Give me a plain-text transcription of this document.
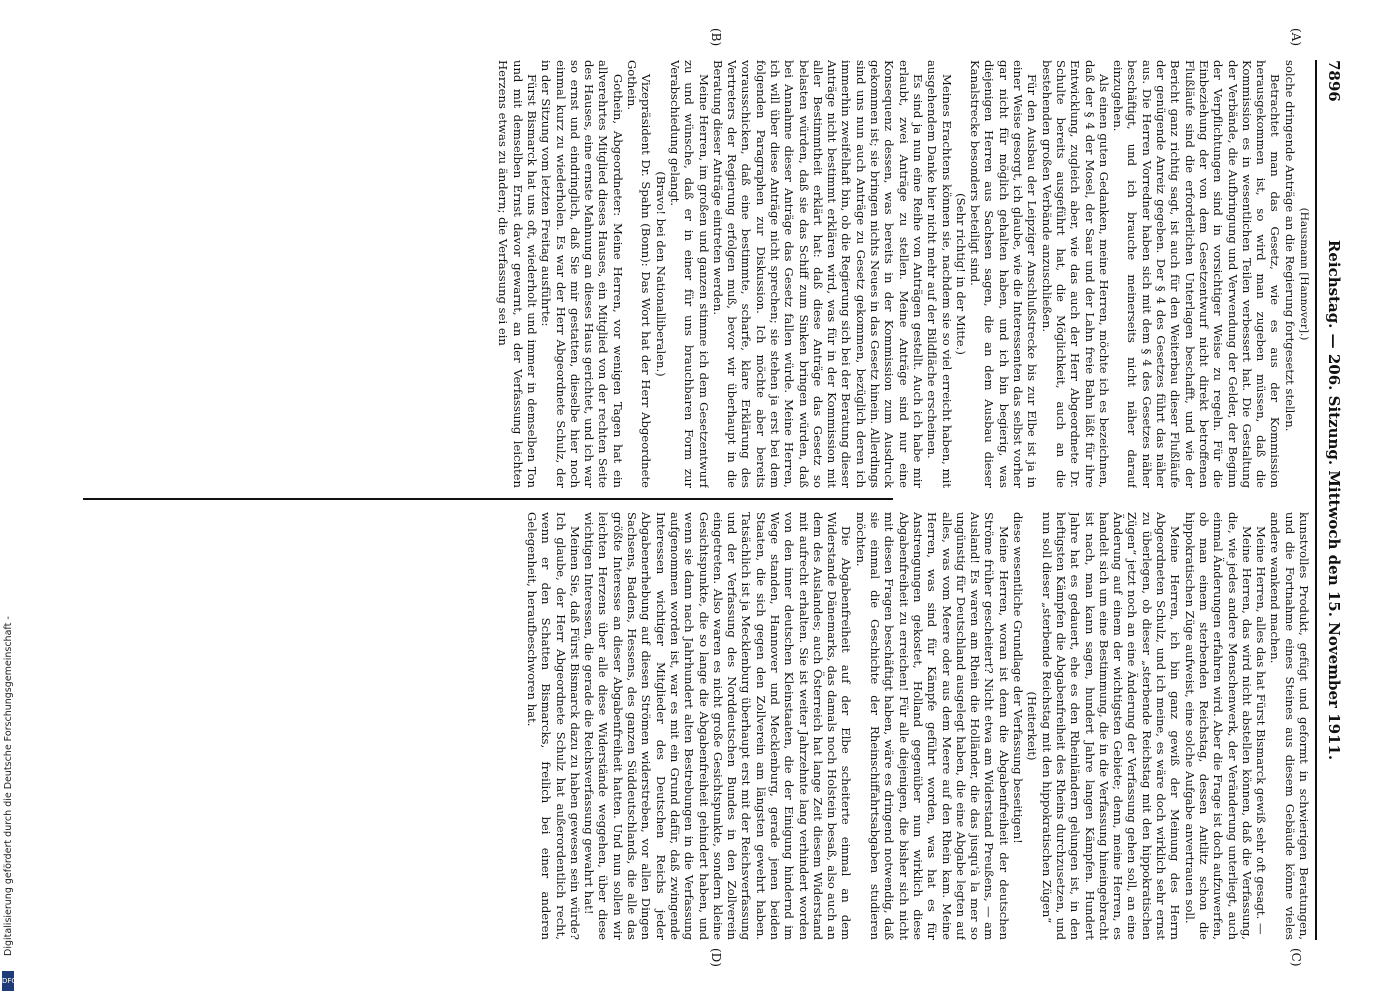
7896
Reichstag. — 206. Sitzung. Mittwoch den 15. November 1911.
(A)
(B)
(C)
(D)

(Hausmann [Hannover].)

solche dringende Anträge an die Regierung fortgesetzt stellen.

Betrachtet man das Gesetz, wie es aus der Kommission herausgekommen ist, so wird man zugeben müssen, daß die Kommission es in wesentlichen Teilen verbessert hat. Die Gestaltung der Verbände, die Aufbringung und Verwendung der Gelder, der Beginn der Verpflichtungen sind in vorsichtiger Weise zu regeln. Für die Einbeziehung der von dem Gesetzentwurf nicht direkt betroffenen Flußläufe sind die erforderlichen Unterlagen beschafft, und wie der Bericht ganz richtig sagt, ist auch für den Weiterbau dieser Flußläufe der genügende Anreiz gegeben. Der § 4 des Gesetzes führt das näher aus. Die Herren Vorredner haben sich mit dem § 4 des Gesetzes näher beschäftigt, und ich brauche meinerseits nicht näher darauf einzugehen.

Als einen guten Gedanken, meine Herren, möchte ich es bezeichnen, daß der § 4 der Mosel, der Saar und der Lahn freie Bahn läßt für ihre Entwicklung, zugleich aber, wie das auch der Herr Abgeordnete Dr. Schulte bereits ausgeführt hat, die Möglichkeit, auch an die bestehenden großen Verbände anzuschließen.

Für den Ausbau der Leipziger Anschlußstrecke bis zur Elbe ist ja in einer Weise gesorgt, ich glaube, wie die Interessenten das selbst vorher gar nicht für möglich gehalten haben, und ich bin begierig, was diejenigen Herren aus Sachsen sagen, die an dem Ausbau dieser Kanalstrecke besonders beteiligt sind.

(Sehr richtig! in der Mitte.)

Meines Erachtens können sie, nachdem sie so viel erreicht haben, mit ausgehendem Danke hier nicht mehr auf der Bildfläche erscheinen.

Es sind ja nun eine Reihe von Anträgen gestellt. Auch ich habe mir erlaubt, zwei Anträge zu stellen. Meine Anträge sind nur eine Konsequenz dessen, was bereits in der Kommission zum Ausdruck gekommen ist; sie bringen nichts Neues in das Gesetz hinein. Allerdings sind uns nun auch Anträge zu Gesetz gekommen, bezüglich deren ich immerhin zweifelhaft bin, ob die Regierung sich bei der Beratung dieser Anträge nicht bestimmt erklären wird, was für in der Kommission mit aller Bestimmtheit erklärt hat: daß diese Anträge das Gesetz so belasten würden, daß sie das Schiff zum Sinken bringen würden, daß bei Annahme dieser Anträge das Gesetz fallen würde. Meine Herren, ich will über diese Anträge nicht sprechen; sie stehen ja erst bei dem folgenden Paragraphen zur Diskussion. Ich möchte aber bereits vorausschicken, daß eine bestimmte, scharfe, klare Erklärung des Vertreters der Regierung erfolgen muß, bevor wir überhaupt in die Beratung dieser Anträge eintreten werden.

Meine Herren, im großen und ganzen stimme ich dem Gesetzentwurf zu und wünsche, daß er in einer für uns brauchbaren Form zur Verabschiedung gelangt.

(Bravo! bei den Nationalliberalen.)

Vizepräsident Dr. Spahn (Bonn): Das Wort hat der Herr Abgeordnete Gothein.

Gothein, Abgeordneter: Meine Herren, vor wenigen Tagen hat ein allverehrtes Mitglied dieses Hauses, ein Mitglied von der rechten Seite des Hauses, eine ernste Mahnung an dieses Haus gerichtet, und ich war so ernst und eindringlich, daß Sie mir gestatten, dieselbe hier noch einmal kurz zu wiederholen. Es war der Herr Abgeordnete Schulz, der in der Sitzung vom letzten Freitag ausführte:

Fürst Bismarck hat uns oft, wiederholt und immer in demselben Ton und mit demselben Ernst davor gewarnt, an der Verfassung leichten Herzens etwas zu ändern; die Verfassung sei ein

kunstvolles Produkt, gefügt und geformt in schwierigen Beratungen, und die Fortnahme eines Steines aus diesem Gebäude könne vieles andere wankend machen.

Meine Herren, alles das hat Fürst Bismarck gewiß sehr oft gesagt. —

Meine Herren, das wird nicht abstellen können, daß die Verfassung, die, wie jedes andere Menschenwerk, der Veränderung unterliegt, auch einmal Änderungen erfahren wird. Aber die Frage ist doch aufzuwerfen, ob man einem sterbenden Reichstag, dessen Antlitz schon die hippokratischen Züge aufweist, eine solche Aufgabe anvertrauen soll.

Meine Herren, ich bin ganz gewiß der Meinung des Herrn Abgeordneten Schulz, und ich meine, es wäre doch wirklich sehr ernst zu überlegen, ob dieser „sterbende Reichstag mit den hippokratischen Zügen“ jetzt noch an eine Änderung der Verfassung gehen soll, an eine Änderung auf einem der wichtigsten Gebiete; denn, meine Herren, es handelt sich um eine Bestimmung, die in die Verfassung hineingebracht ist nach, man kann sagen, hundert Jahre langen Kämpfen. Hundert Jahre hat es gedauert, ehe es den Rheinländern gelungen ist, in den heftigsten Kämpfen die Abgabenfreiheit des Rheins durchzusetzen, und nun soll dieser „sterbende Reichstag mit den hippokratischen Zügen“

(Heiterkeit)

diese wesentliche Grundlage der Verfassung beseitigen!

Meine Herren, woran ist denn die Abgabenfreiheit der deutschen Ströme früher gescheitert? Nicht etwa am Widerstand Preußens, — am Ausland! Es waren am Rhein die Holländer, die das jusqu'à la mer so ungünstig für Deutschland ausgelegt haben, die eine Abgabe legten auf alles, was vom Meere oder aus dem Meere auf den Rhein kam. Meine Herren, was sind für Kämpfe geführt worden, was hat es für Anstrengungen gekostet, Holland gegenüber nun wirklich diese Abgabenfreiheit zu erreichen! Für alle diejenigen, die bisher sich nicht mit diesen Fragen beschäftigt haben, wäre es dringend notwendig, daß sie einmal die Geschichte der Rheinschiffahrtsabgaben studieren möchten.

Die Abgabenfreiheit auf der Elbe scheiterte einmal an dem Widerstande Dänemarks, das damals noch Holstein besaß, also auch an dem des Auslandes; auch Österreich hat lange Zeit diesem Widerstand mit aufrecht erhalten. Sie ist weiter Jahrzehnte lang verhindert worden von den inner deutschen Kleinstaaten, die der Einigung hindernd im Wege standen, Hannover und Mecklenburg, gerade jenen beiden Staaten, die sich gegen den Zollverein am längsten gewehrt haben. Tatsächlich ist ja Mecklenburg überhaupt erst mit der Reichsverfassung und der Verfassung des Norddeutschen Bundes in den Zollverein eingetreten. Also waren es nicht große Gesichtspunkte, sondern kleine Gesichtspunkte, die so lange die Abgabenfreiheit gehindert haben, und wenn sie dann nach Jahrhundert alten Bestrebungen in die Verfassung aufgenommen worden ist, war es mit ein Grund dafür, daß zwingende Interessen wichtiger Mitglieder des Deutschen Reichs jeder Abgabenerhebung auf diesen Strömen widerstreben, vor allen Dingen Sachsens, Badens, Hessens, des ganzen Süddeutschlands, die alle das größte Interesse an dieser Abgabenfreiheit hatten. Und nun sollen wir leichten Herzens über alle diese Widerstände weggehen, über diese wichtigen Interessen, die gerade die Reichsverfassung gewahrt hat!

Meinen Sie, daß Fürst Bismarck dazu zu haben gewesen sein würde? Ich glaube, der Herr Abgeordnete Schulz hat außerordentlich recht, wenn er den Schatten Bismarcks, freilich bei einer anderen Gelegenheit, heraufbeschworen hat.

Digitalisierung gefördert durch die Deutsche Forschungsgemeinschaft -
DFG
